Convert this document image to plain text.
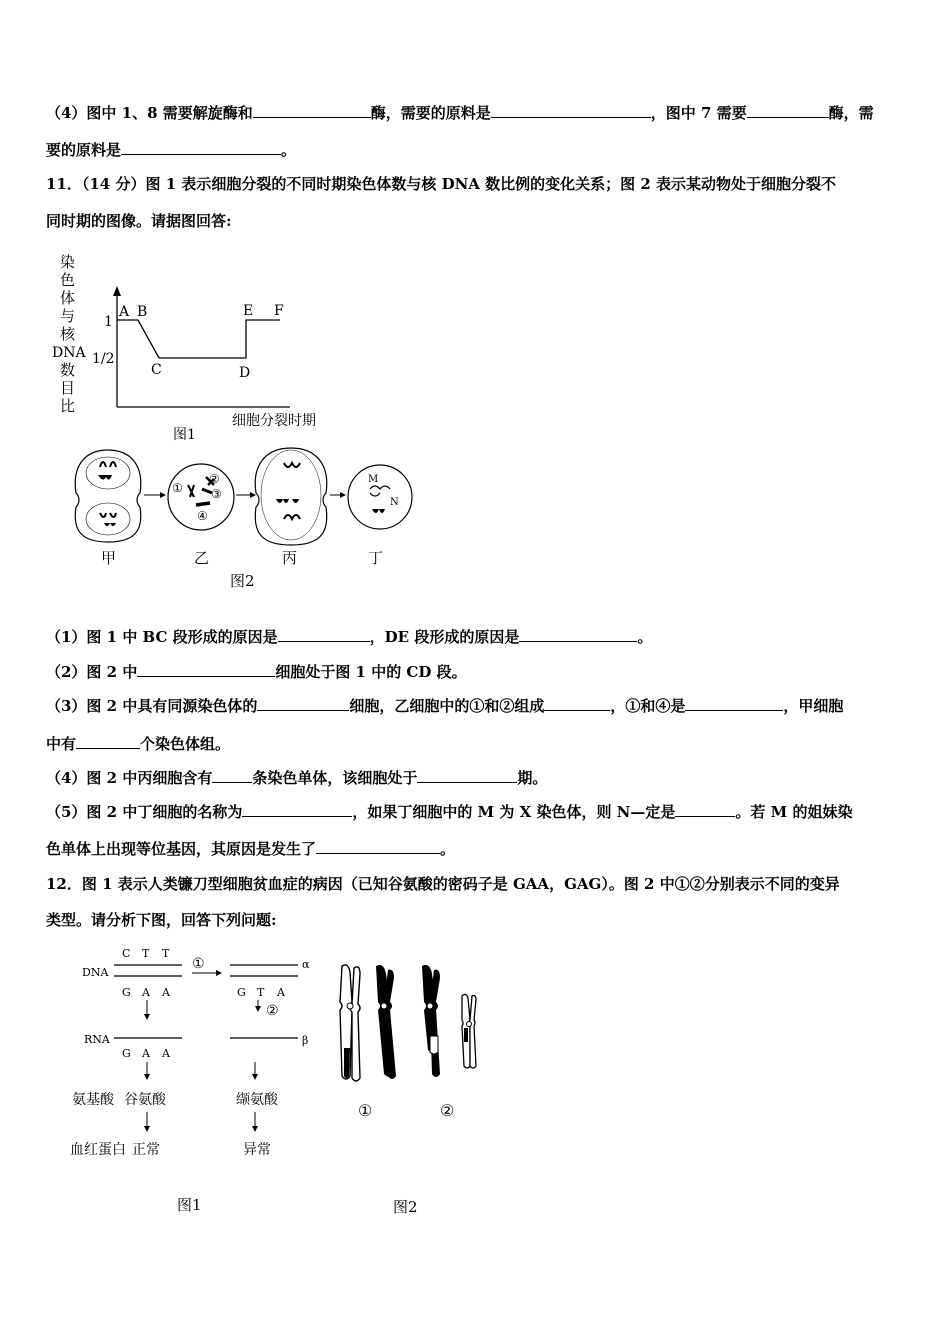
（4）图中 1、8 需要解旋酶和	酶，需要的原料是	，图中 7 需要	酶，需
要的原料是	。
11．（14 分）图 1 表示细胞分裂的不同时期染色体数与核 DNA 数比例的变化关系；图 2 表示某动物处于细胞分裂不
同时期的图像。请据图回答:
染
色
体
与
核
DNA
数
目
比
1
1/2
A B
C	D
E F
细胞分裂时期
图1
①
②
③
④
M
N
甲	乙	丙	丁
图2
（1）图 1 中 BC 段形成的原因是	，DE 段形成的原因是	。
（2）图 2 中	细胞处于图 1 中的 CD 段。
（3）图 2 中具有同源染色体的	细胞，乙细胞中的①和②组成	，①和④是	，甲细胞
中有	个染色体组。
（4）图 2 中丙细胞含有	条染色单体，该细胞处于	期。
（5）图 2 中丁细胞的名称为	，如果丁细胞中的 M 为 X 染色体，则 N—定是	。若 M 的姐妹染
色单体上出现等位基因，其原因是发生了	。
12．图 1 表示人类镰刀型细胞贫血症的病因（已知谷氨酸的密码子是 GAA，GAG）。图 2 中①②分别表示不同的变异
类型。请分析下图，回答下列问题:
DNA
C T T
G A A
①	α
G T A
②
RNA	β
G A A
氨基酸 谷氨酸	缬氨酸
血红蛋白 正常	异常
图1
①	②
图2
